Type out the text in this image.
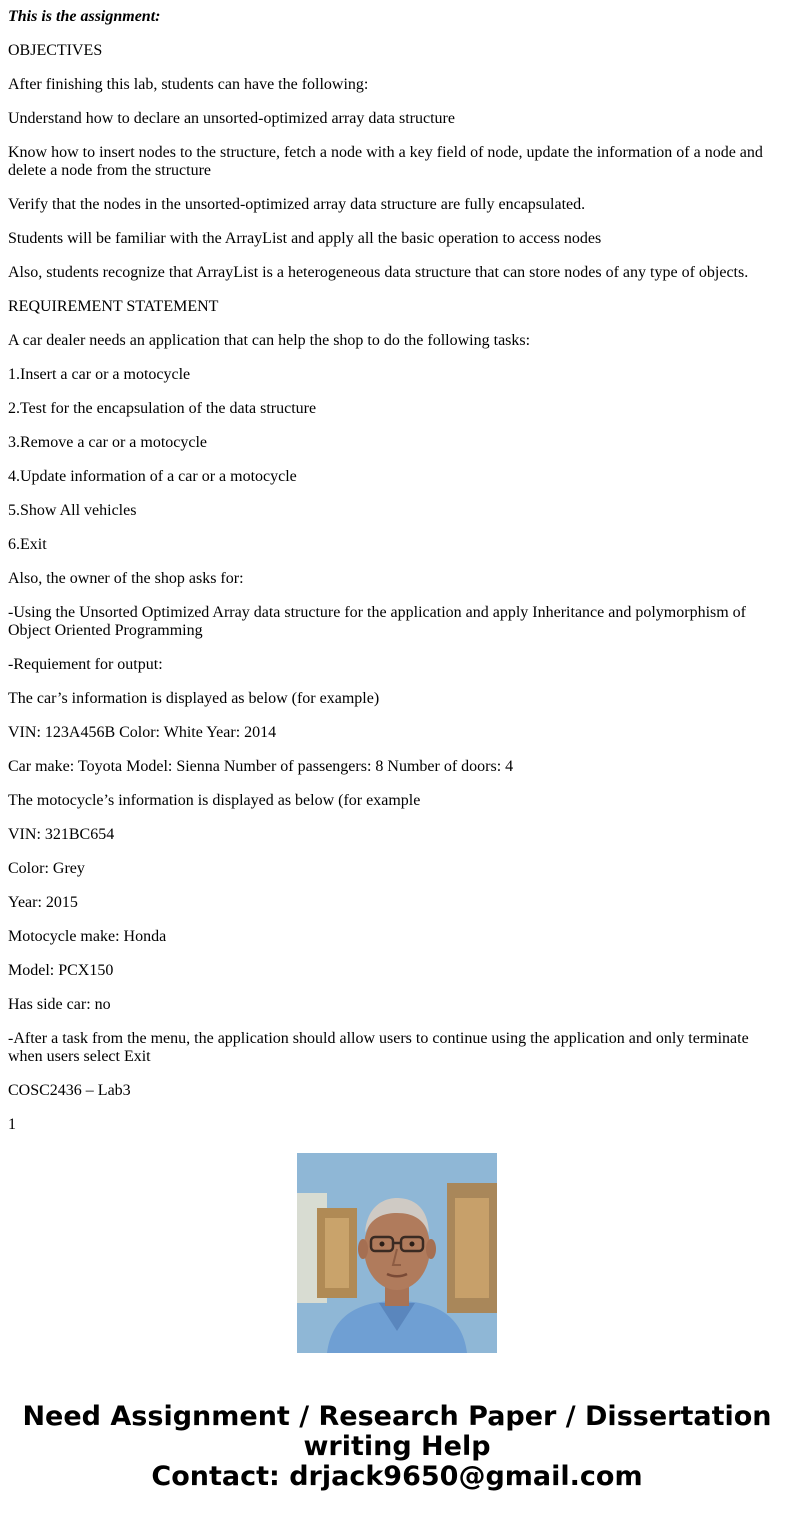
This is the assignment:

OBJECTIVES

After finishing this lab, students can have the following:

Understand how to declare an unsorted-optimized array data structure

Know how to insert nodes to the structure, fetch a node with a key field of node, update the information of a node and delete a node from the structure

Verify that the nodes in the unsorted-optimized array data structure are fully encapsulated.

Students will be familiar with the ArrayList and apply all the basic operation to access nodes

Also, students recognize that ArrayList is a heterogeneous data structure that can store nodes of any type of objects.

REQUIREMENT STATEMENT

A car dealer needs an application that can help the shop to do the following tasks:

1.Insert a car or a motocycle

2.Test for the encapsulation of the data structure

3.Remove a car or a motocycle

4.Update information of a car or a motocycle

5.Show All vehicles

6.Exit

Also, the owner of the shop asks for:

-Using the Unsorted Optimized Array data structure for the application and apply Inheritance and polymorphism of Object Oriented Programming

-Requiement for output:

The car’s information is displayed as below (for example)

VIN: 123A456B Color: White Year: 2014

Car make: Toyota Model: Sienna Number of passengers: 8 Number of doors: 4

The motocycle’s information is displayed as below (for example

VIN: 321BC654

Color: Grey

Year: 2015

Motocycle make: Honda

Model: PCX150

Has side car: no

-After a task from the menu, the application should allow users to continue using the application and only terminate when users select Exit

COSC2436 – Lab3

1

Need Assignment / Research Paper / Dissertation
writing Help
Contact: drjack9650@gmail.com
